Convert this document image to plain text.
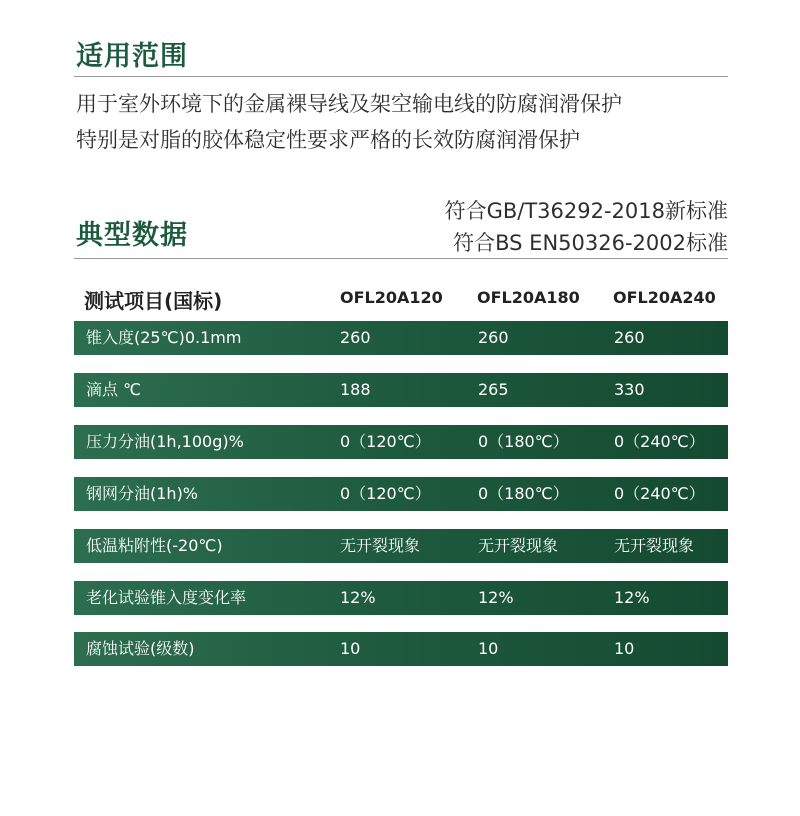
适用范围
用于室外环境下的金属裸导线及架空输电线的防腐润滑保护
特别是对脂的胶体稳定性要求严格的长效防腐润滑保护
典型数据
符合GB/T36292-2018新标准
符合BS EN50326-2002标准
测试项目(国标)	OFL20A120 OFL20A180 OFL20A240
锥入度(25℃)0.1mm	260	260	260
滴点 ℃	188	265	330
压力分油(1h,100g)%	0（120℃）	0（180℃）	0（240℃）
钢网分油(1h)%	0（120℃）	0（180℃）	0（240℃）
低温粘附性(-20℃)	无开裂现象	无开裂现象	无开裂现象
老化试验锥入度变化率	12%	12%	12%
腐蚀试验(级数)	10	10	10
